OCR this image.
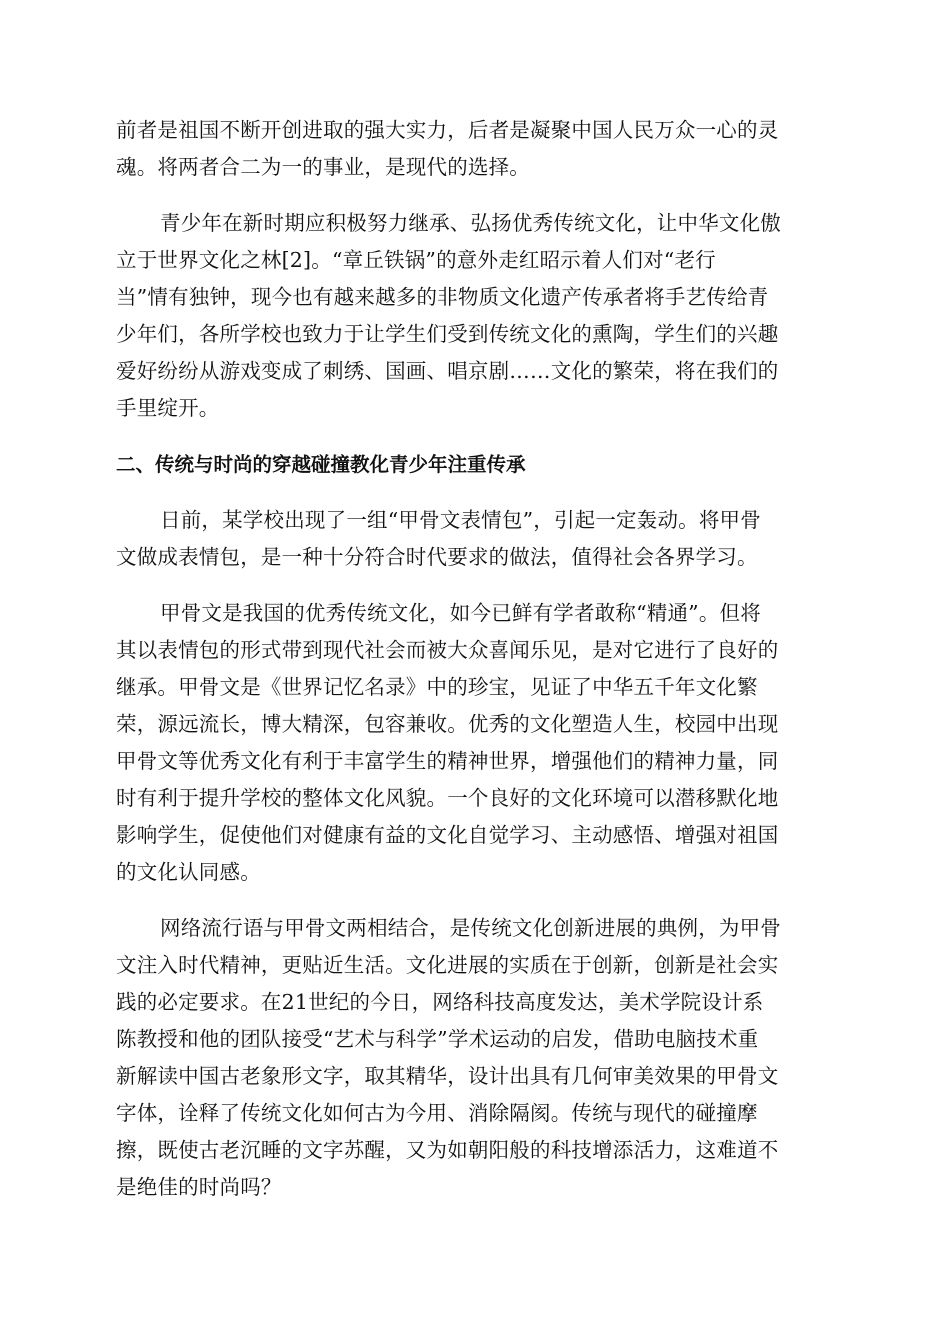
前者是祖国不断开创进取的强大实力，后者是凝聚中国人民万众一心的灵
魂。将两者合二为一的事业，是现代的选择。
青少年在新时期应积极努力继承、弘扬优秀传统文化，让中华文化傲
立于世界文化之林[2]。“章丘铁锅”的意外走红昭示着人们对“老行
当”情有独钟，现今也有越来越多的非物质文化遗产传承者将手艺传给青
少年们，各所学校也致力于让学生们受到传统文化的熏陶，学生们的兴趣
爱好纷纷从游戏变成了刺绣、国画、唱京剧……文化的繁荣，将在我们的
手里绽开。
二、传统与时尚的穿越碰撞教化青少年注重传承
日前，某学校出现了一组“甲骨文表情包”，引起一定轰动。将甲骨
文做成表情包，是一种十分符合时代要求的做法，值得社会各界学习。
甲骨文是我国的优秀传统文化，如今已鲜有学者敢称“精通”。但将
其以表情包的形式带到现代社会而被大众喜闻乐见，是对它进行了良好的
继承。甲骨文是《世界记忆名录》中的珍宝，见证了中华五千年文化繁
荣，源远流长，博大精深，包容兼收。优秀的文化塑造人生，校园中出现
甲骨文等优秀文化有利于丰富学生的精神世界，增强他们的精神力量，同
时有利于提升学校的整体文化风貌。一个良好的文化环境可以潜移默化地
影响学生，促使他们对健康有益的文化自觉学习、主动感悟、增强对祖国
的文化认同感。
网络流行语与甲骨文两相结合，是传统文化创新进展的典例，为甲骨
文注入时代精神，更贴近生活。文化进展的实质在于创新，创新是社会实
践的必定要求。在21世纪的今日，网络科技高度发达，美术学院设计系
陈教授和他的团队接受“艺术与科学”学术运动的启发，借助电脑技术重
新解读中国古老象形文字，取其精华，设计出具有几何审美效果的甲骨文
字体，诠释了传统文化如何古为今用、消除隔阂。传统与现代的碰撞摩
擦，既使古老沉睡的文字苏醒，又为如朝阳般的科技增添活力，这难道不
是绝佳的时尚吗？
